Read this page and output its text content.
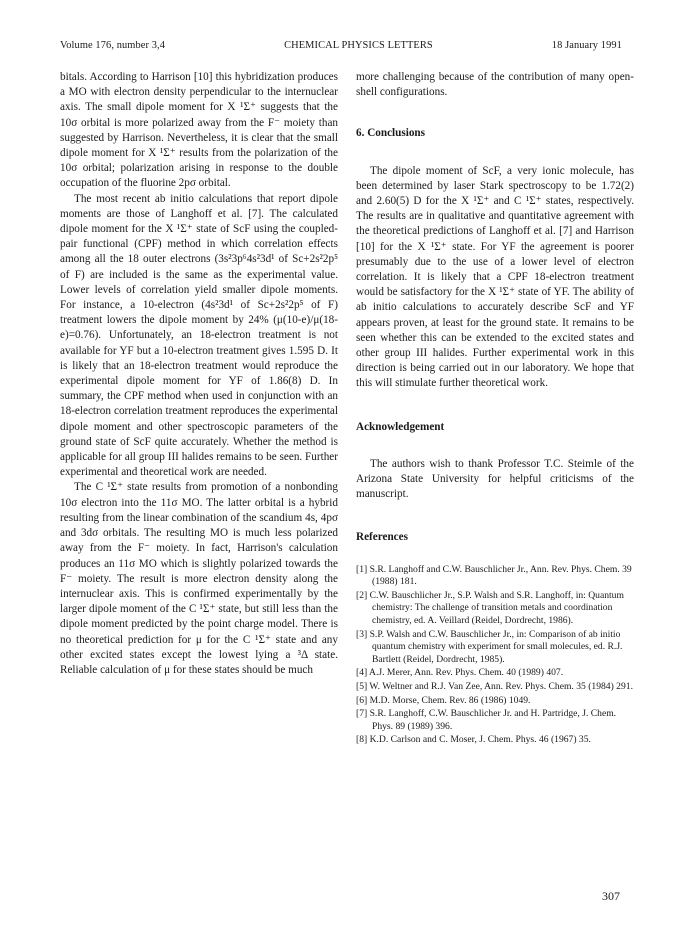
Volume 176, number 3,4	CHEMICAL PHYSICS LETTERS	18 January 1991

bitals. According to Harrison [10] this hybridization produces a MO with electron density perpendicular to the internuclear axis. The small dipole moment for X ¹Σ⁺ suggests that the 10σ orbital is more polarized away from the F⁻ moiety than suggested by Harrison. Nevertheless, it is clear that the small dipole moment for X ¹Σ⁺ results from the polarization of the 10σ orbital; polarization arising in response to the double occupation of the fluorine 2pσ orbital.

The most recent ab initio calculations that report dipole moments are those of Langhoff et al. [7]. The calculated dipole moment for the X ¹Σ⁺ state of ScF using the coupled-pair functional (CPF) method in which correlation effects among all the 18 outer electrons (3s²3p⁶4s²3d¹ of Sc+2s²2p⁵ of F) are included is the same as the experimental value. Lower levels of correlation yield smaller dipole moments. For instance, a 10-electron (4s²3d¹ of Sc+2s²2p⁵ of F) treatment lowers the dipole moment by 24% (μ(10-e)/μ(18-e)=0.76). Unfortunately, an 18-electron treatment is not available for YF but a 10-electron treatment gives 1.595 D. It is likely that an 18-electron treatment would reproduce the experimental dipole moment for YF of 1.86(8) D. In summary, the CPF method when used in conjunction with an 18-electron correlation treatment reproduces the experimental dipole moment and other spectroscopic parameters of the ground state of ScF quite accurately. Whether the method is applicable for all group III halides remains to be seen. Further experimental and theoretical work are needed.

The C ¹Σ⁺ state results from promotion of a nonbonding 10σ electron into the 11σ MO. The latter orbital is a hybrid resulting from the linear combination of the scandium 4s, 4pσ and 3dσ orbitals. The resulting MO is much less polarized away from the F⁻ moiety. In fact, Harrison's calculation produces an 11σ MO which is slightly polarized towards the F⁻ moiety. The result is more electron density along the internuclear axis. This is confirmed experimentally by the larger dipole moment of the C ¹Σ⁺ state, but still less than the dipole moment predicted by the point charge model. There is no theoretical prediction for μ for the C ¹Σ⁺ state and any other excited states except the lowest lying a ³Δ state. Reliable calculation of μ for these states should be much

more challenging because of the contribution of many open-shell configurations.

6. Conclusions

The dipole moment of ScF, a very ionic molecule, has been determined by laser Stark spectroscopy to be 1.72(2) and 2.60(5) D for the X ¹Σ⁺ and C ¹Σ⁺ states, respectively. The results are in qualitative and quantitative agreement with the theoretical predictions of Langhoff et al. [7] and Harrison [10] for the X ¹Σ⁺ state. For YF the agreement is poorer presumably due to the use of a lower level of electron correlation. It is likely that a CPF 18-electron treatment would be satisfactory for the X ¹Σ⁺ state of YF. The ability of ab initio calculations to accurately describe ScF and YF appears proven, at least for the ground state. It remains to be seen whether this can be extended to the excited states and other group III halides. Further experimental work in this direction is being carried out in our laboratory. We hope that this will stimulate further theoretical work.

Acknowledgement

The authors wish to thank Professor T.C. Steimle of the Arizona State University for helpful criticisms of the manuscript.

References
[1] S.R. Langhoff and C.W. Bauschlicher Jr., Ann. Rev. Phys. Chem. 39 (1988) 181.
[2] C.W. Bauschlicher Jr., S.P. Walsh and S.R. Langhoff, in: Quantum chemistry: The challenge of transition metals and coordination chemistry, ed. A. Veillard (Reidel, Dordrecht, 1986).
[3] S.P. Walsh and C.W. Bauschlicher Jr., in: Comparison of ab initio quantum chemistry with experiment for small molecules, ed. R.J. Bartlett (Reidel, Dordrecht, 1985).
[4] A.J. Merer, Ann. Rev. Phys. Chem. 40 (1989) 407.
[5] W. Weltner and R.J. Van Zee, Ann. Rev. Phys. Chem. 35 (1984) 291.
[6] M.D. Morse, Chem. Rev. 86 (1986) 1049.
[7] S.R. Langhoff, C.W. Bauschlicher Jr. and H. Partridge, J. Chem. Phys. 89 (1989) 396.
[8] K.D. Carlson and C. Moser, J. Chem. Phys. 46 (1967) 35.
307
